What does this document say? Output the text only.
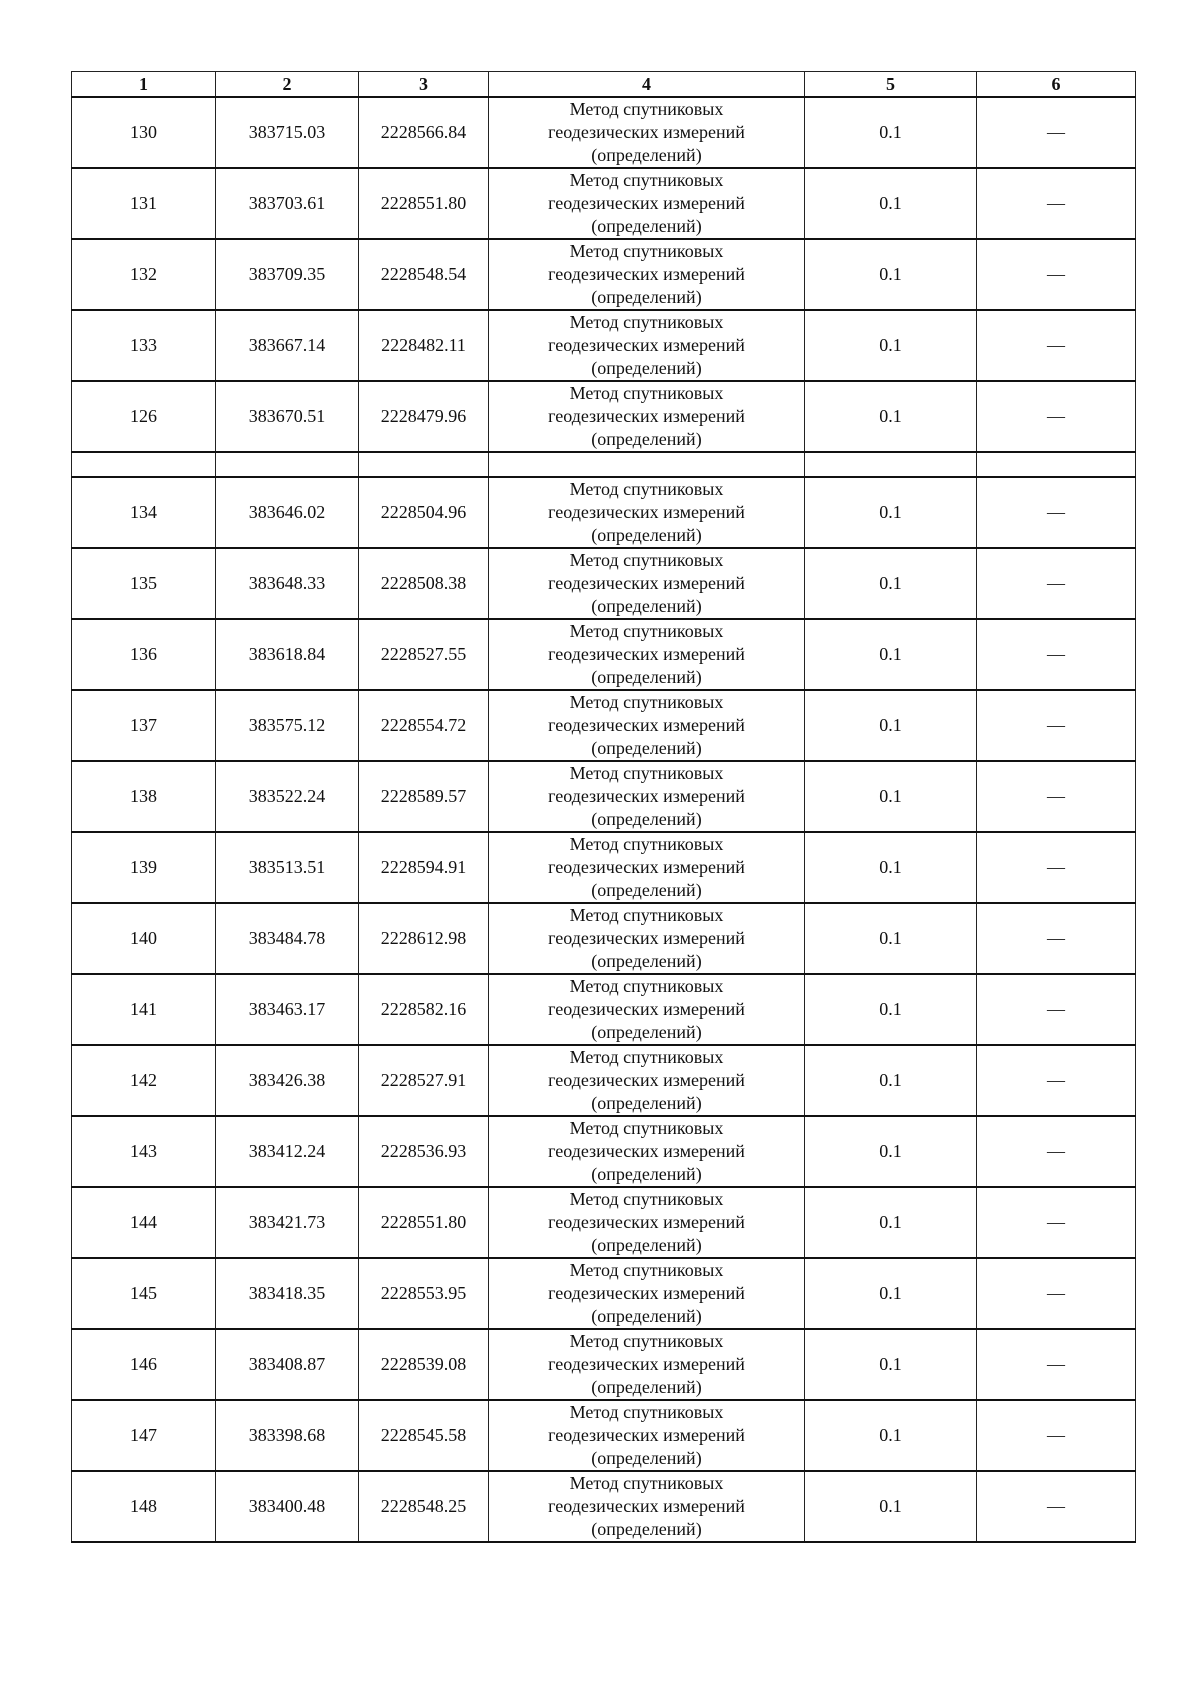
1	2	3	4	5	6
130	383715.03	2228566.84	Метод спутниковых
геодезических измерений
(определений)	0.1	—
131	383703.61	2228551.80	Метод спутниковых
геодезических измерений
(определений)	0.1	—
132	383709.35	2228548.54	Метод спутниковых
геодезических измерений
(определений)	0.1	—
133	383667.14	2228482.11	Метод спутниковых
геодезических измерений
(определений)	0.1	—
126	383670.51	2228479.96	Метод спутниковых
геодезических измерений
(определений)	0.1	—

134	383646.02	2228504.96	Метод спутниковых
геодезических измерений
(определений)	0.1	—
135	383648.33	2228508.38	Метод спутниковых
геодезических измерений
(определений)	0.1	—
136	383618.84	2228527.55	Метод спутниковых
геодезических измерений
(определений)	0.1	—
137	383575.12	2228554.72	Метод спутниковых
геодезических измерений
(определений)	0.1	—
138	383522.24	2228589.57	Метод спутниковых
геодезических измерений
(определений)	0.1	—
139	383513.51	2228594.91	Метод спутниковых
геодезических измерений
(определений)	0.1	—
140	383484.78	2228612.98	Метод спутниковых
геодезических измерений
(определений)	0.1	—
141	383463.17	2228582.16	Метод спутниковых
геодезических измерений
(определений)	0.1	—
142	383426.38	2228527.91	Метод спутниковых
геодезических измерений
(определений)	0.1	—
143	383412.24	2228536.93	Метод спутниковых
геодезических измерений
(определений)	0.1	—
144	383421.73	2228551.80	Метод спутниковых
геодезических измерений
(определений)	0.1	—
145	383418.35	2228553.95	Метод спутниковых
геодезических измерений
(определений)	0.1	—
146	383408.87	2228539.08	Метод спутниковых
геодезических измерений
(определений)	0.1	—
147	383398.68	2228545.58	Метод спутниковых
геодезических измерений
(определений)	0.1	—
148	383400.48	2228548.25	Метод спутниковых
геодезических измерений
(определений)	0.1	—
